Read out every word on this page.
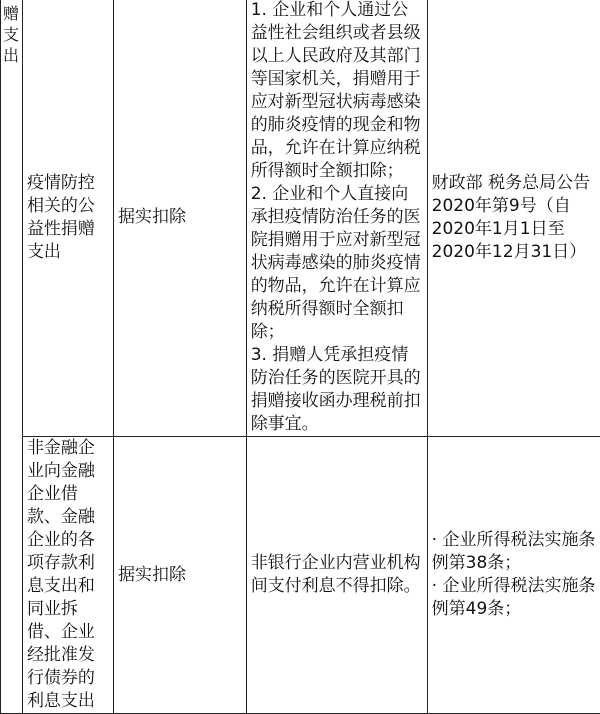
赠支出	疫情防控相关的公益性捐赠支出	据实扣除	1. 企业和个人通过公益性社会组织或者县级以上人民政府及其部门等国家机关，捐赠用于应对新型冠状病毒感染的肺炎疫情的现金和物品，允许在计算应纳税所得额时全额扣除；
2. 企业和个人直接向承担疫情防治任务的医院捐赠用于应对新型冠状病毒感染的肺炎疫情的物品，允许在计算应纳税所得额时全额扣除；
3. 捐赠人凭承担疫情防治任务的医院开具的捐赠接收函办理税前扣除事宜。	财政部 税务总局公告2020年第9号（自2020年1月1日至2020年12月31日）

	非金融企业向金融企业借款、金融企业的各项存款利息支出和同业拆借、企业经批准发行债券的利息支出	据实扣除	非银行企业内营业机构间支付利息不得扣除。	· 企业所得税法实施条例第38条；
· 企业所得税法实施条例第49条；
